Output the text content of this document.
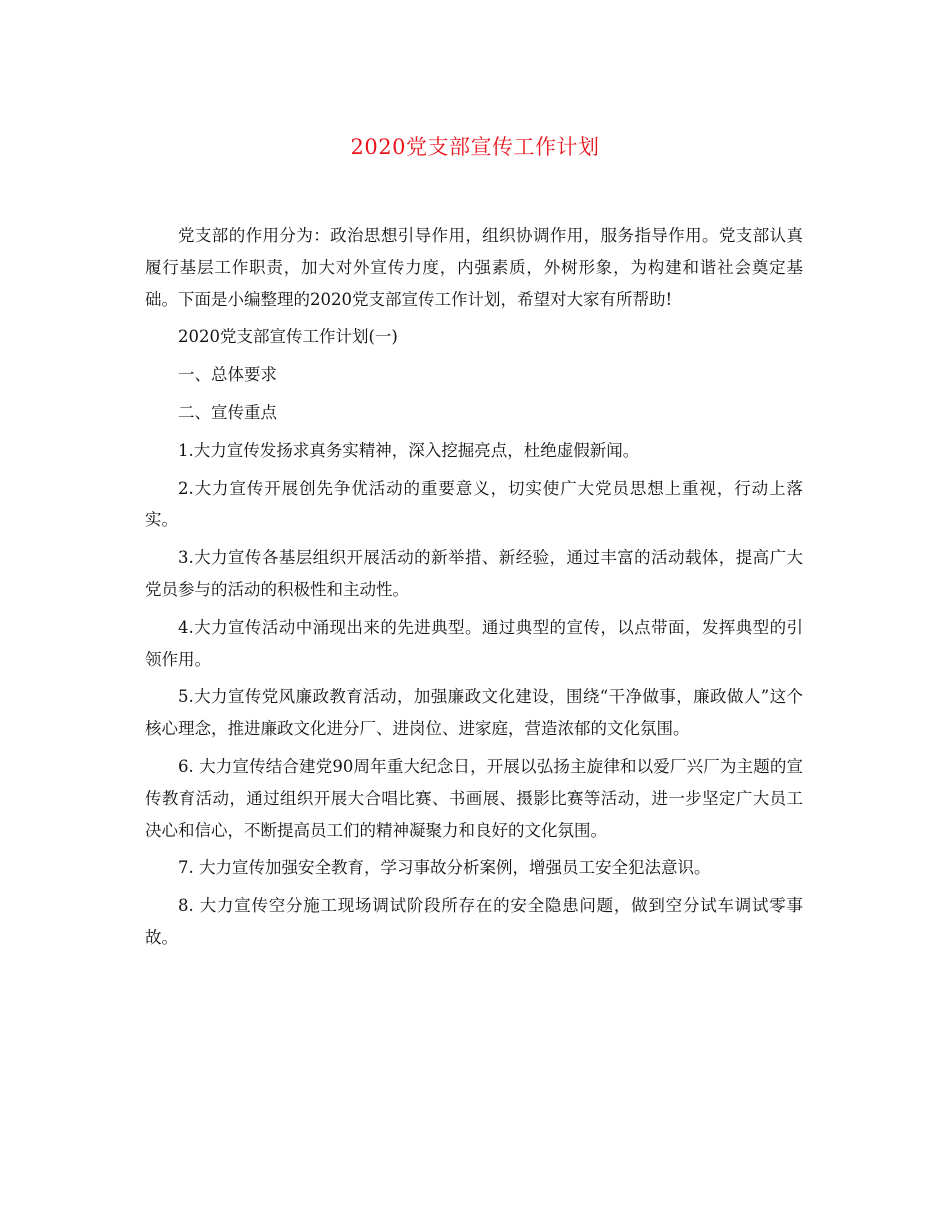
2020党支部宣传工作计划

党支部的作用分为：政治思想引导作用，组织协调作用，服务指导作用。党支部认真履行基层工作职责，加大对外宣传力度，内强素质，外树形象，为构建和谐社会奠定基础。下面是小编整理的2020党支部宣传工作计划，希望对大家有所帮助!

2020党支部宣传工作计划(一)

一、总体要求

二、宣传重点

1.大力宣传发扬求真务实精神，深入挖掘亮点，杜绝虚假新闻。

2.大力宣传开展创先争优活动的重要意义，切实使广大党员思想上重视，行动上落实。

3.大力宣传各基层组织开展活动的新举措、新经验，通过丰富的活动载体，提高广大党员参与的活动的积极性和主动性。

4.大力宣传活动中涌现出来的先进典型。通过典型的宣传，以点带面，发挥典型的引领作用。

5.大力宣传党风廉政教育活动，加强廉政文化建设，围绕“干净做事，廉政做人”这个核心理念，推进廉政文化进分厂、进岗位、进家庭，营造浓郁的文化氛围。

6. 大力宣传结合建党90周年重大纪念日，开展以弘扬主旋律和以爱厂兴厂为主题的宣传教育活动，通过组织开展大合唱比赛、书画展、摄影比赛等活动，进一步坚定广大员工决心和信心，不断提高员工们的精神凝聚力和良好的文化氛围。

7. 大力宣传加强安全教育，学习事故分析案例，增强员工安全犯法意识。

8. 大力宣传空分施工现场调试阶段所存在的安全隐患问题，做到空分试车调试零事故。
